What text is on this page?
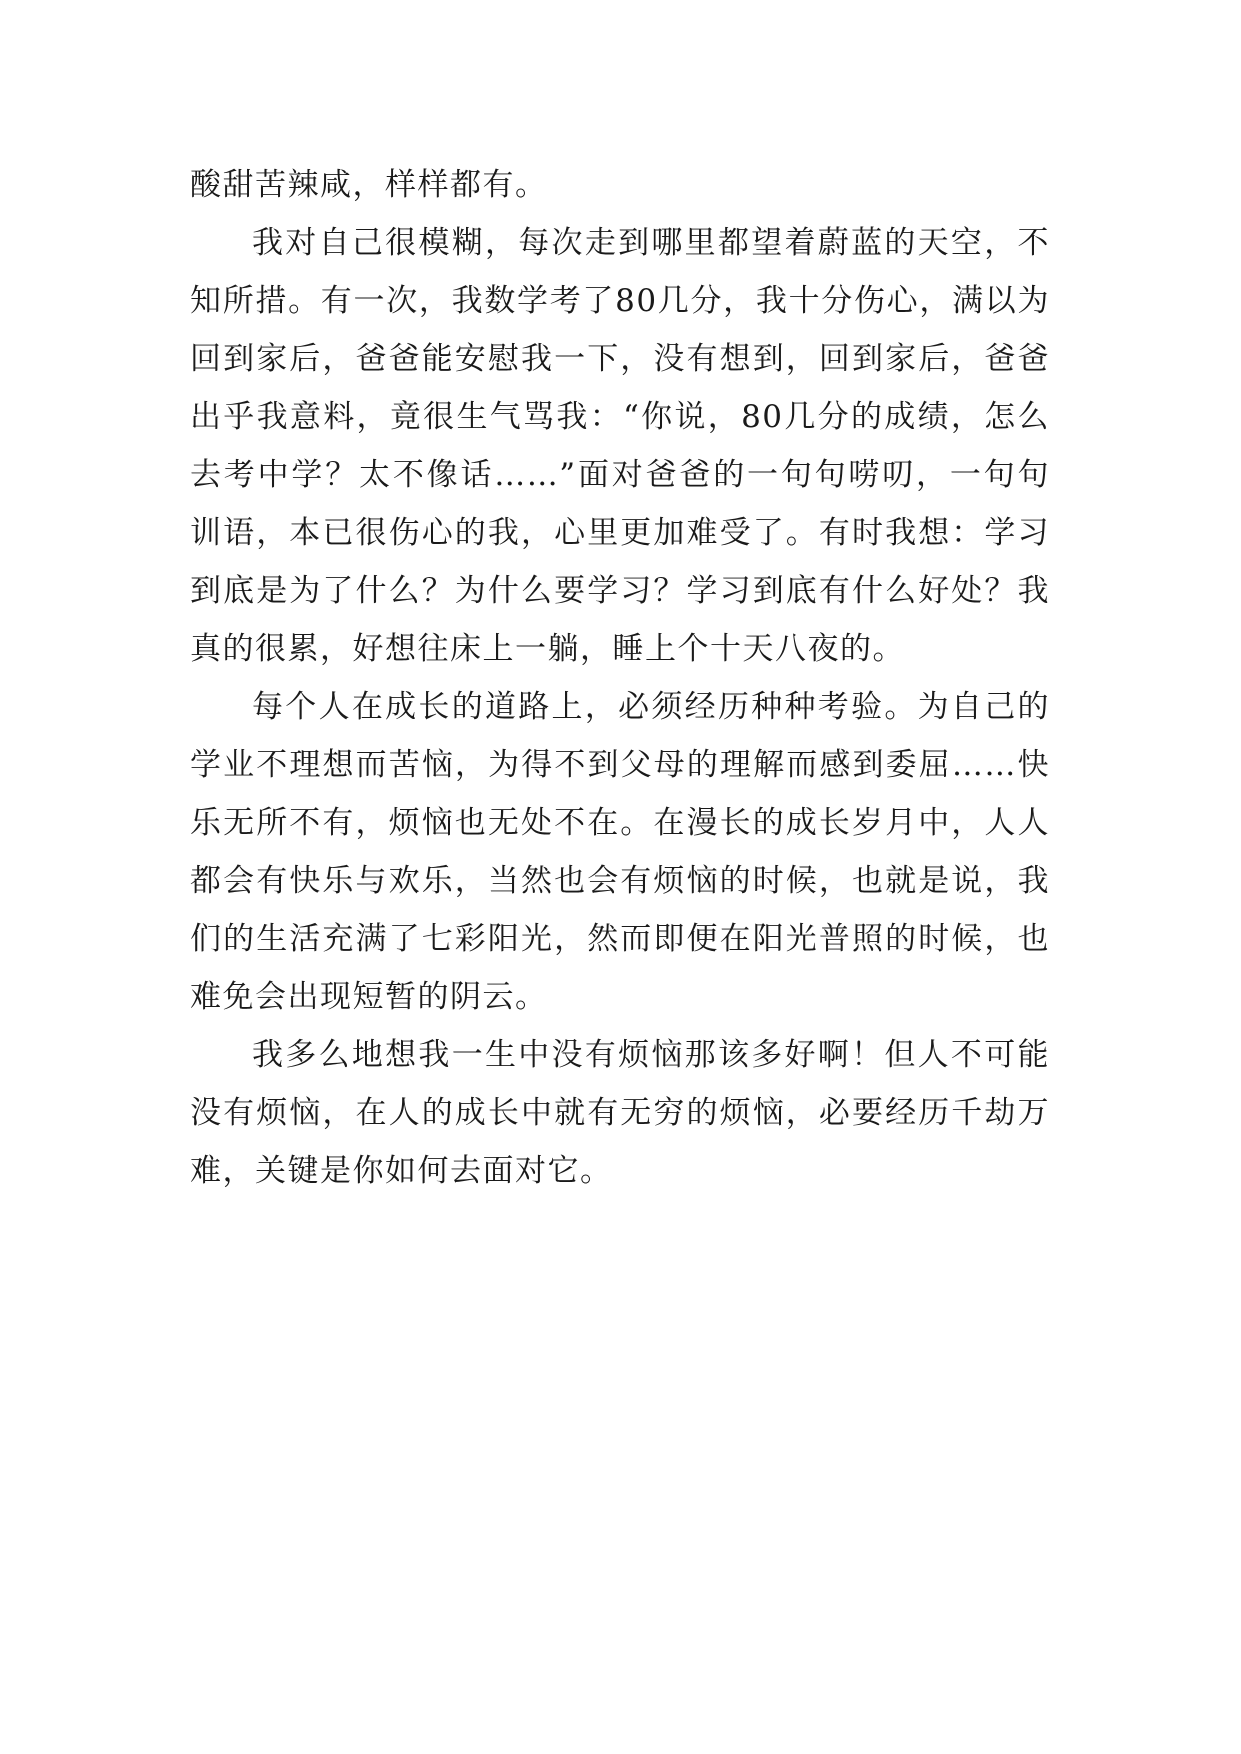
酸甜苦辣咸，样样都有。

我对自己很模糊，每次走到哪里都望着蔚蓝的天空，不知所措。有一次，我数学考了80几分，我十分伤心，满以为回到家后，爸爸能安慰我一下，没有想到，回到家后，爸爸出乎我意料，竟很生气骂我：“你说，80几分的成绩，怎么去考中学？太不像话……”面对爸爸的一句句唠叨，一句句训语，本已很伤心的我，心里更加难受了。有时我想：学习到底是为了什么？为什么要学习？学习到底有什么好处？我真的很累，好想往床上一躺，睡上个十天八夜的。

每个人在成长的道路上，必须经历种种考验。为自己的学业不理想而苦恼，为得不到父母的理解而感到委屈……快乐无所不有，烦恼也无处不在。在漫长的成长岁月中，人人都会有快乐与欢乐，当然也会有烦恼的时候，也就是说，我们的生活充满了七彩阳光，然而即便在阳光普照的时候，也难免会出现短暂的阴云。

我多么地想我一生中没有烦恼那该多好啊！但人不可能没有烦恼，在人的成长中就有无穷的烦恼，必要经历千劫万难，关键是你如何去面对它。
